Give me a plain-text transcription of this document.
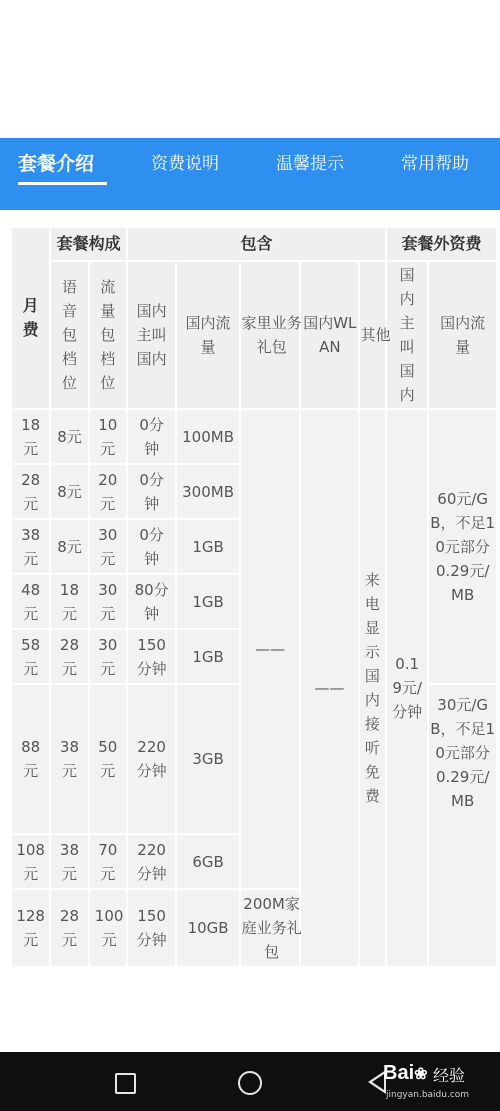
套餐介绍	资费说明	温馨提示	常用帮助
月费	套餐构成		包含					套餐外资费	
	语音包档位	流量包档位	国内主叫国内	国内流量	家里业务礼包	国内WLAN	其他	国内主叫国内	国内流量
18元	8元	10元	0分钟	100MB	——	——	来电显示国内接听免费	0.19元/分钟	60元/GB，不足10元部分0.29元/MB
28元	8元	20元	0分钟	300MB					
38元	8元	30元	0分钟	1GB					
48元	18元	30元	80分钟	1GB					
58元	28元	30元	150分钟	1GB					
88元	38元	50元	220分钟	3GB					30元/GB，不足10元部分0.29元/MB
108元	38元	70元	220分钟	6GB					
128元	28元	100元	150分钟	10GB	200M家庭业务礼包				
Bai❀ 经验
jingyan.baidu.com
